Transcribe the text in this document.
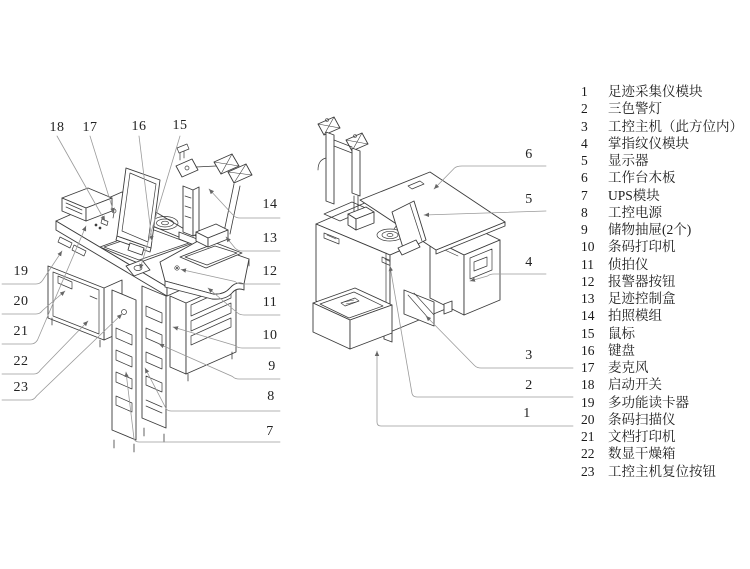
18 17 16 15
14
13
12
11
10
9
8
7
19
20
21
22
23
6
5
4
3
2
1
1	足迹采集仪模块
2	三色警灯
3	工控主机（此方位内）
4	掌指纹仪模块
5	显示器
6	工作台木板
7	UPS模块
8	工控电源
9	储物抽屉(2个)
10	条码打印机
11	侦拍仪
12	报警器按钮
13	足迹控制盒
14	拍照模组
15	鼠标
16	键盘
17	麦克风
18	启动开关
19	多功能读卡器
20	条码扫描仪
21	文档打印机
22	数显干燥箱
23	工控主机复位按钮
